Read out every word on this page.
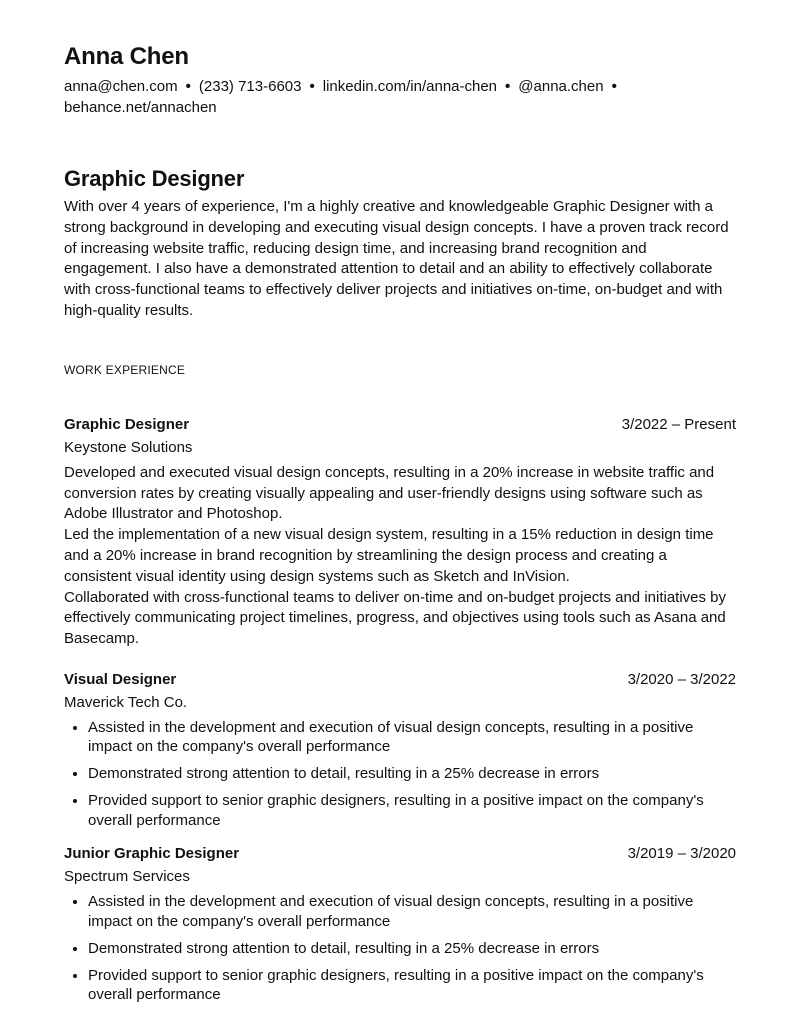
Anna Chen
anna@chen.com • (233) 713-6603 • linkedin.com/in/anna-chen • @anna.chen •
behance.net/annachen
Graphic Designer
With over 4 years of experience, I'm a highly creative and knowledgeable Graphic Designer with a strong background in developing and executing visual design concepts. I have a proven track record of increasing website traffic, reducing design time, and increasing brand recognition and engagement. I also have a demonstrated attention to detail and an ability to effectively collaborate with cross-functional teams to effectively deliver projects and initiatives on-time, on-budget and with high-quality results.
WORK EXPERIENCE
Graphic Designer	3/2022 – Present
Keystone Solutions

Developed and executed visual design concepts, resulting in a 20% increase in website traffic and conversion rates by creating visually appealing and user-friendly designs using software such as Adobe Illustrator and Photoshop.

Led the implementation of a new visual design system, resulting in a 15% reduction in design time and a 20% increase in brand recognition by streamlining the design process and creating a consistent visual identity using design systems such as Sketch and InVision.

Collaborated with cross-functional teams to deliver on-time and on-budget projects and initiatives by effectively communicating project timelines, progress, and objectives using tools such as Asana and Basecamp.

Visual Designer	3/2020 – 3/2022
Maverick Tech Co.
• Assisted in the development and execution of visual design concepts, resulting in a positive impact on the company's overall performance
• Demonstrated strong attention to detail, resulting in a 25% decrease in errors
• Provided support to senior graphic designers, resulting in a positive impact on the company's overall performance
Junior Graphic Designer	3/2019 – 3/2020
Spectrum Services
• Assisted in the development and execution of visual design concepts, resulting in a positive impact on the company's overall performance
• Demonstrated strong attention to detail, resulting in a 25% decrease in errors
• Provided support to senior graphic designers, resulting in a positive impact on the company's overall performance
